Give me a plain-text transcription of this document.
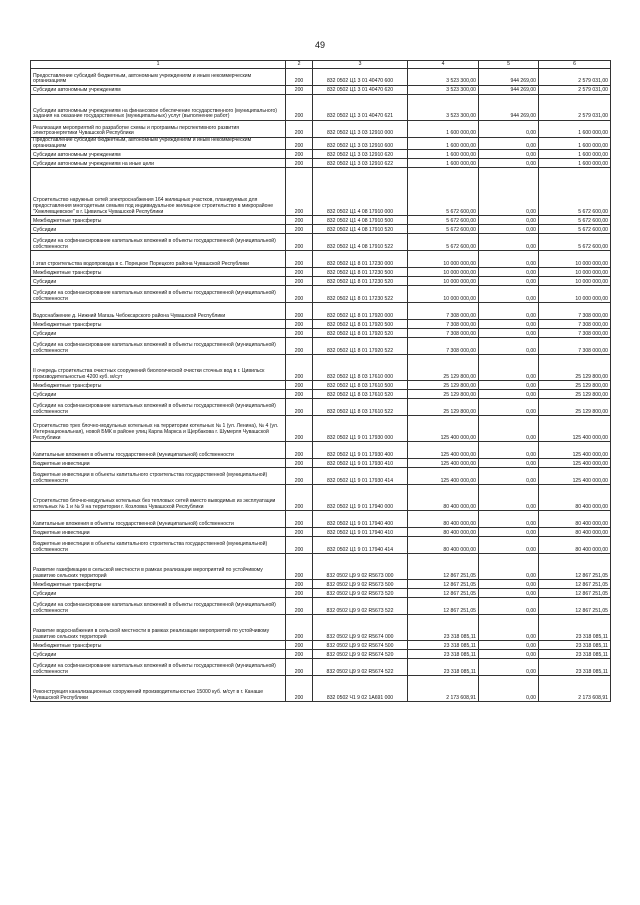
49
1	2	3	4	5	6
Предоставление субсидий бюджетным, автономным учреждениям и иным некоммерческим организациям	200	832 0502 Ц1 3 01 40470 600	3 523 300,00	944 269,00	2 579 031,00
Субсидии автономным учреждениям	200	832 0502 Ц1 3 01 40470 620	3 523 300,00	944 269,00	2 579 031,00
Субсидии автономным учреждениям на финансовое обеспечение государственного (муниципального) задания на оказание государственных (муниципальных) услуг (выполнение работ)	200	832 0502 Ц1 3 01 40470 621	3 523 300,00	944 269,00	2 579 031,00
Реализация мероприятий по разработке схемы и программы перспективного развития электроэнергетики Чувашской Республики	200	832 0502 Ц1 3 03 12910 000	1 600 000,00	0,00	1 600 000,00
Предоставление субсидий бюджетным, автономным учреждениям и иным некоммерческим организациям	200	832 0502 Ц1 3 03 12910 600	1 600 000,00	0,00	1 600 000,00
Субсидии автономным учреждениям	200	832 0502 Ц1 3 03 12910 620	1 600 000,00	0,00	1 600 000,00
Субсидии автономным учреждениям на иные цели	200	832 0502 Ц1 3 03 12910 622	1 600 000,00	0,00	1 600 000,00
Строительство наружных сетей электроснабжения 164 жилищных участков, планируемых для предоставления многодетным семьям под индивидуальное жилищное строительство в микрорайоне "Хмелевщевское" в г. Цивильск Чувашской Республики	200	832 0502 Ц1 4 08 17910 000	5 672 600,00	0,00	5 672 600,00
Межбюджетные трансферты	200	832 0502 Ц1 4 08 17910 500	5 672 600,00	0,00	5 672 600,00
Субсидии	200	832 0502 Ц1 4 08 17910 520	5 672 600,00	0,00	5 672 600,00
Субсидии на софинансирование капитальных вложений в объекты государственной (муниципальной) собственности	200	832 0502 Ц1 4 08 17910 522	5 672 600,00	0,00	5 672 600,00
I этап строительства водопровода в с. Порецкое Порецкого района Чувашской Республики	200	832 0502 Ц1 8 01 17230 000	10 000 000,00	0,00	10 000 000,00
Межбюджетные трансферты	200	832 0502 Ц1 8 01 17230 500	10 000 000,00	0,00	10 000 000,00
Субсидии	200	832 0502 Ц1 8 01 17230 520	10 000 000,00	0,00	10 000 000,00
Субсидии на софинансирование капитальных вложений в объекты государственной (муниципальной) собственности	200	832 0502 Ц1 8 01 17230 522	10 000 000,00	0,00	10 000 000,00
Водоснабжение д. Нижний Магазь Чебоксарского района Чувашской Республики	200	832 0502 Ц1 8 01 17920 000	7 308 000,00	0,00	7 308 000,00
Межбюджетные трансферты	200	832 0502 Ц1 8 01 17920 500	7 308 000,00	0,00	7 308 000,00
Субсидии	200	832 0502 Ц1 8 01 17920 520	7 308 000,00	0,00	7 308 000,00
Субсидии на софинансирование капитальных вложений в объекты государственной (муниципальной) собственности	200	832 0502 Ц1 8 01 17920 522	7 308 000,00	0,00	7 308 000,00
II очередь строительства очистных сооружений биологической очистки сточных вод в г. Цивильск производительностью 4200 куб. м/сут	200	832 0502 Ц1 8 03 17610 000	25 129 800,00	0,00	25 129 800,00
Межбюджетные трансферты	200	832 0502 Ц1 8 03 17610 500	25 129 800,00	0,00	25 129 800,00
Субсидии	200	832 0502 Ц1 8 03 17610 520	25 129 800,00	0,00	25 129 800,00
Субсидии на софинансирование капитальных вложений в объекты государственной (муниципальной) собственности	200	832 0502 Ц1 8 03 17610 522	25 129 800,00	0,00	25 129 800,00
Строительство трех блочно-модульных котельных на территории котельных № 1 (ул. Ленина), № 4 (ул. Интернациональная), новой БМК в районе улиц Карла Маркса и Щербакова г. Шумерля Чувашской Республики	200	832 0502 Ц1 9 01 17930 000	125 400 000,00	0,00	125 400 000,00
Капитальные вложения в объекты государственной (муниципальной) собственности	200	832 0502 Ц1 9 01 17930 400	125 400 000,00	0,00	125 400 000,00
Бюджетные инвестиции	200	832 0502 Ц1 9 01 17930 410	125 400 000,00	0,00	125 400 000,00
Бюджетные инвестиции в объекты капитального строительства государственной (муниципальной) собственности	200	832 0502 Ц1 9 01 17930 414	125 400 000,00	0,00	125 400 000,00
Строительство блочно-модульных котельных без тепловых сетей вместо выводимых из эксплуатации котельных № 1 и № 9 на территории г. Козловка Чувашской Республики	200	832 0502 Ц1 9 01 17940 000	80 400 000,00	0,00	80 400 000,00
Капитальные вложения в объекты государственной (муниципальной) собственности	200	832 0502 Ц1 9 01 17940 400	80 400 000,00	0,00	80 400 000,00
Бюджетные инвестиции	200	832 0502 Ц1 9 01 17940 410	80 400 000,00	0,00	80 400 000,00
Бюджетные инвестиции в объекты капитального строительства государственной (муниципальной) собственности	200	832 0502 Ц1 9 01 17940 414	80 400 000,00	0,00	80 400 000,00
Развитие газификации в сельской местности в рамках реализации мероприятий по устойчивому развитию сельских территорий	200	832 0502 Ц9 9 02 R5673 000	12 867 251,05	0,00	12 867 251,05
Межбюджетные трансферты	200	832 0502 Ц9 9 02 R5673 500	12 867 251,05	0,00	12 867 251,05
Субсидии	200	832 0502 Ц9 9 02 R5673 520	12 867 251,05	0,00	12 867 251,05
Субсидии на софинансирование капитальных вложений в объекты государственной (муниципальной) собственности	200	832 0502 Ц9 9 02 R5673 522	12 867 251,05	0,00	12 867 251,05
Развитие водоснабжения в сельской местности в рамках реализации мероприятий по устойчивому развитию сельских территорий	200	832 0502 Ц9 9 02 R5674 000	23 318 085,11	0,00	23 318 085,11
Межбюджетные трансферты	200	832 0502 Ц9 9 02 R5674 500	23 318 085,11	0,00	23 318 085,11
Субсидии	200	832 0502 Ц9 9 02 R5674 520	23 318 085,11	0,00	23 318 085,11
Субсидии на софинансирование капитальных вложений в объекты государственной (муниципальной) собственности	200	832 0502 Ц9 9 02 R5674 522	23 318 085,11	0,00	23 318 085,11
Реконструкция канализационных сооружений производительностью 15000 куб. м/сут в г. Канаше Чувашской Республики	200	832 0502 Ч1 9 02 1А691 000	2 173 608,91	0,00	2 173 608,91
